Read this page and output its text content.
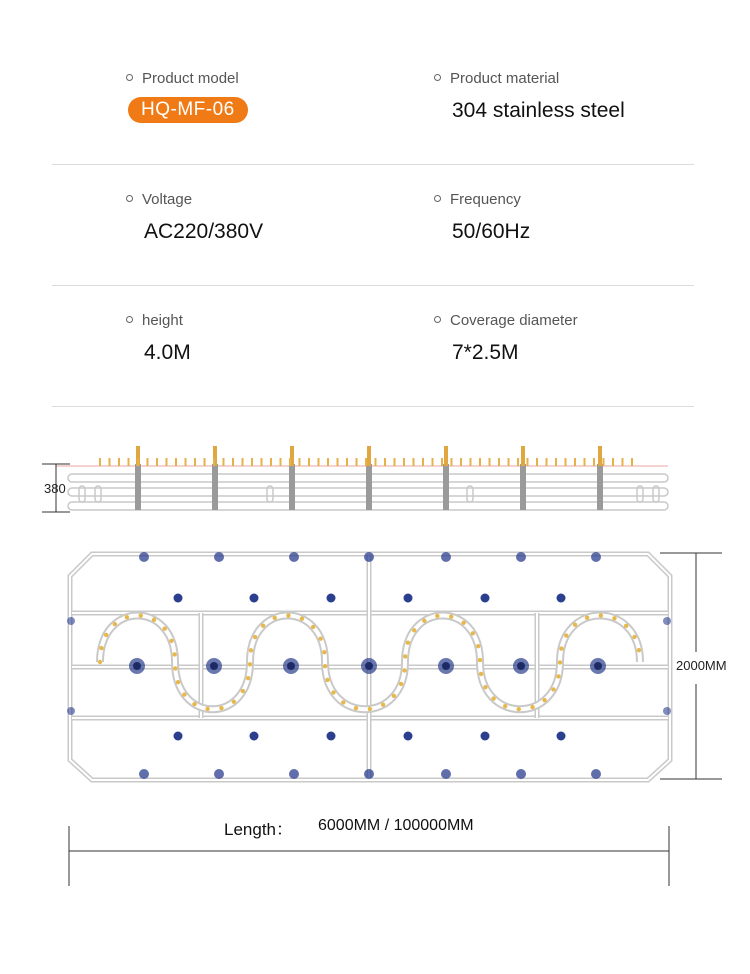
Product model
HQ-MF-06
Product material
304 stainless steel
Voltage
AC220/380V
Frequency
50/60Hz
height
4.0M
Coverage diameter
7*2.5M
380
2000MM
Length： 6000MM / 100000MM
